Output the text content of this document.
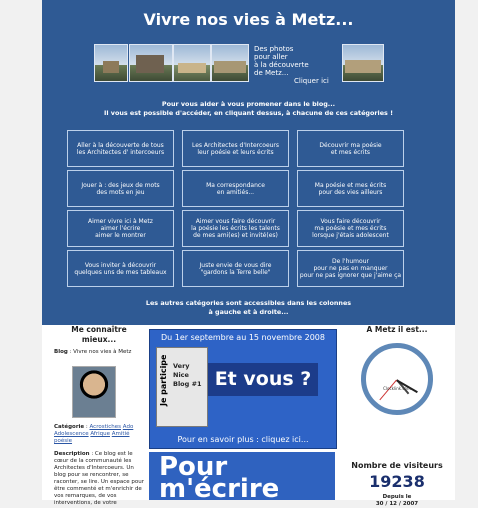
Vivre nos vies à Metz...
Des photos
pour aller
à la découverte
de Metz... Cliquer ici
Pour vous aider à vous promener dans le blog...
Il vous est possible d'accéder, en cliquant dessus, à chacune de ces catégories !
Aller à la découverte de tous
les Architectes d' intercoeurs
Les Architectes d'Intercoeurs
leur poésie et leurs écrits
Découvrir ma poésie
et mes écrits
Jouer à : des jeux de mots
des mots en jeu
Ma correspondance
en amitiés...
Ma poésie et mes écrits
pour des vies ailleurs
Aimer vivre ici à Metz
aimer l'écrire
aimer le montrer
Aimer vous faire découvrir
la poésie les écrits les talents
de mes ami(es) et invité(es)
Vous faire découvrir
ma poésie et mes écrits
lorsque j'étais adolescent
Vous inviter à découvrir
quelques uns de mes tableaux
Juste envie de vous dire
"gardons la Terre belle"
De l'humour
pour ne pas en manquer
pour ne pas ignorer que j'aime ça
Les autres catégories sont accessibles dans les colonnes
à gauche et à droite...
Me connaître mieux...
Blog : Vivre nos vies à Metz
Catégorie : Acrostiches Ado Adolescence Afrique Amitié poésie
Description : Ce blog est le cœur de la communauté les Architectes d'Intercoeurs. Un blog pour se rencontrer, se raconter, se lire. Un espace pour être commenté et m'enrichir de vos remarques, de vos interventions, de votre
Du 1er septembre au 15 novembre 2008
Je participe Very Nice Blog #1 Et vous ?
Pour en savoir plus : cliquez ici...
Pour m'écrire
A Metz il est...
Clocklink.com
Nombre de visiteurs
19238
Depuis le
30 / 12 / 2007
